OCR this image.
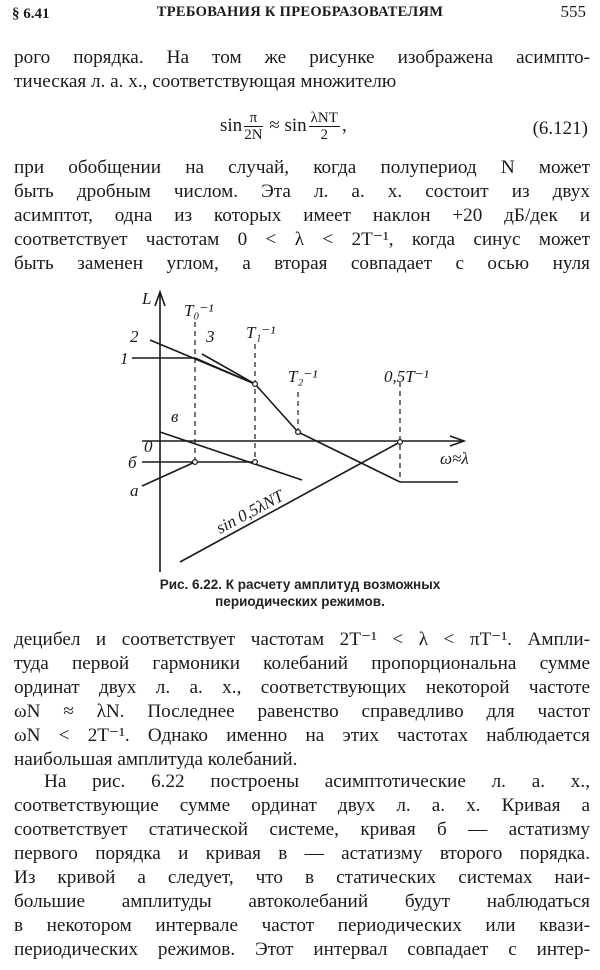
§ 6.41	ТРЕБОВАНИЯ К ПРЕОБРАЗОВАТЕЛЯМ	555
рого порядка. На том же рисунке изображена асимпто-
тическая л. а. х., соответствующая множителю
$\sin \frac{\pi}{2N} \approx \sin \frac{\text{λNT}}{2}$ ,	(6.121)
при обобщении на случай, когда полупериод N может
быть дробным числом. Эта л. а. х. состоит из двух
асимптот, одна из которых имеет наклон +20 дБ/дек и
соответствует частотам 0 < λ < 2T⁻¹, когда синус может
быть заменен углом, а вторая совпадает с осью нуля
L
T₀⁻¹
T₁⁻¹
T₂⁻¹	0,5T⁻¹
1
2	3
в
б
a
0
ω≈λ
sin 0,5λNT
Рис. 6.22. К расчету амплитуд возможных
периодических режимов.
децибел и соответствует частотам 2T⁻¹ < λ < πT⁻¹. Ампли-
туда первой гармоники колебаний пропорциональна сумме
ординат двух л. а. х., соответствующих некоторой частоте
ωN ≈ λN. Последнее равенство справедливо для частот
ωN < 2T⁻¹. Однако именно на этих частотах наблюдается
наибольшая амплитуда колебаний.
На рис. 6.22 построены асимптотические л. а. х.,
соответствующие сумме ординат двух л. а. х. Кривая a
соответствует статической системе, кривая б — астатизму
первого порядка и кривая в — астатизму второго порядка.
Из кривой a следует, что в статических системах наи-
большие амплитуды автоколебаний будут наблюдаться
в некотором интервале частот периодических или квази-
периодических режимов. Этот интервал совпадает с интер-
